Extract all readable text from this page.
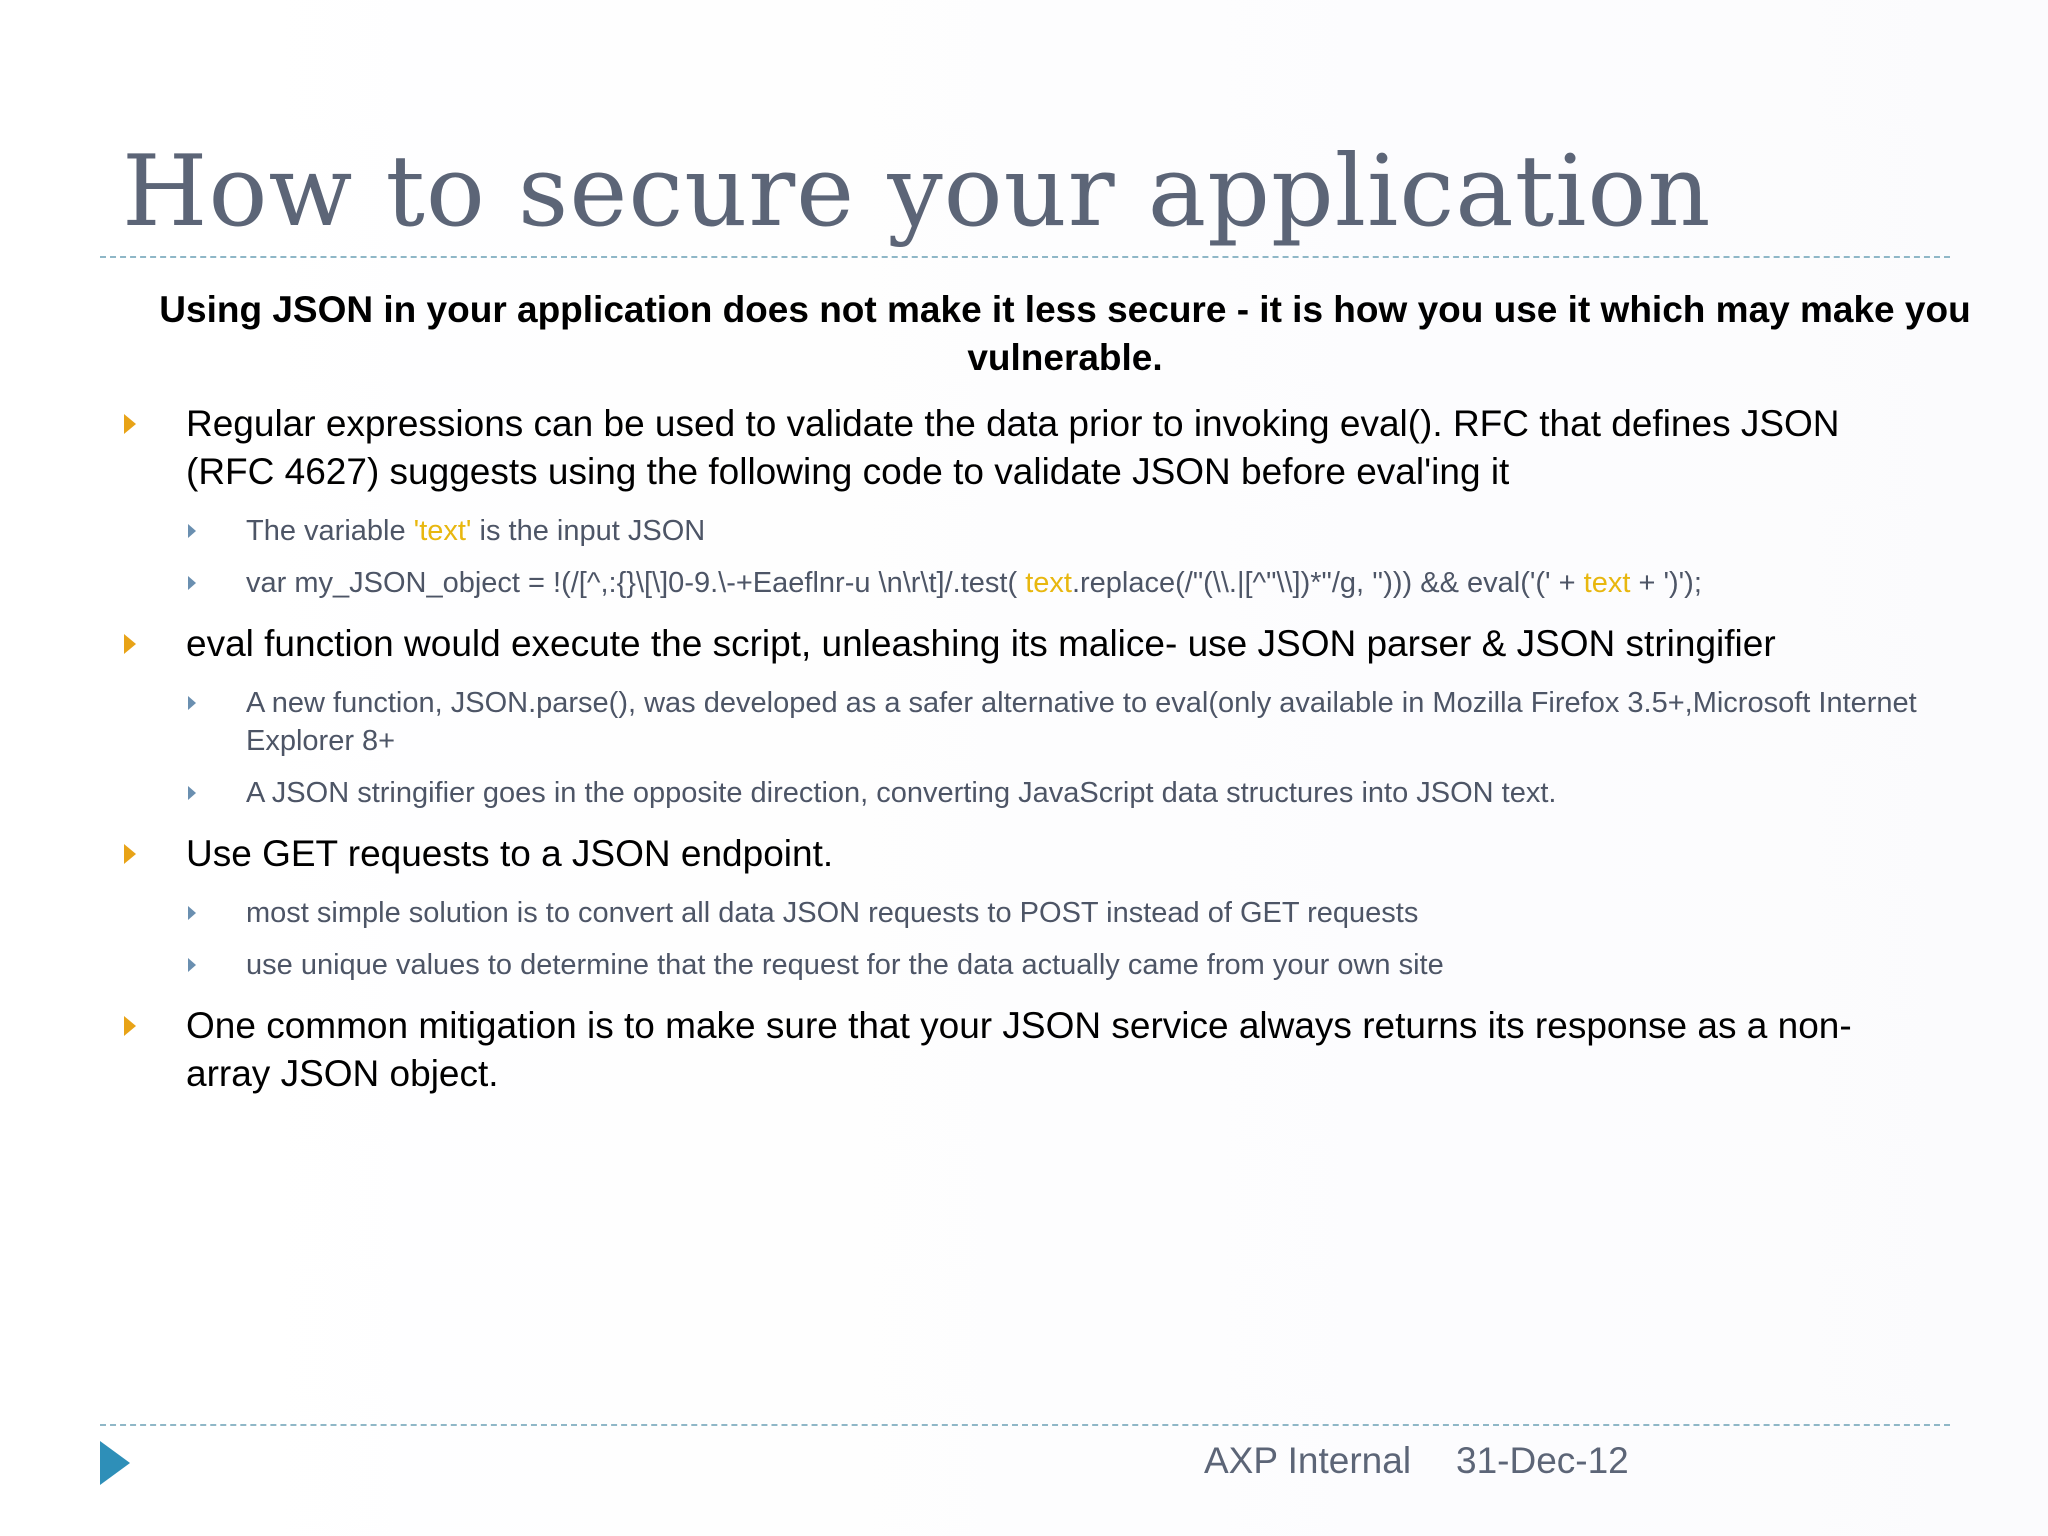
How to secure your application
Using JSON in your application does not make it less secure - it is how you use it which may make you vulnerable.
Regular expressions can be used to validate the data prior to invoking eval(). RFC that defines JSON (RFC 4627) suggests using the following code to validate JSON before eval'ing it
The variable 'text' is the input JSON
var my_JSON_object = !(/[^,:{}\[\]0-9.\-+Eaeflnr-u \n\r\t]/.test( text.replace(/"(\\.|[^"\\])*"/g, ''))) && eval('(' + text + ')');
eval function would execute the script, unleashing its malice- use JSON parser & JSON stringifier
A new function, JSON.parse(), was developed as a safer alternative to eval(only available in Mozilla Firefox 3.5+,Microsoft Internet Explorer 8+
A JSON stringifier goes in the opposite direction, converting JavaScript data structures into JSON text.
Use GET requests to a JSON endpoint.
most simple solution is to convert all data JSON requests to POST instead of GET requests
use unique values to determine that the request for the data actually came from your own site
One common mitigation is to make sure that your JSON service always returns its response as a non-array JSON object.
AXP Internal 31-Dec-12
